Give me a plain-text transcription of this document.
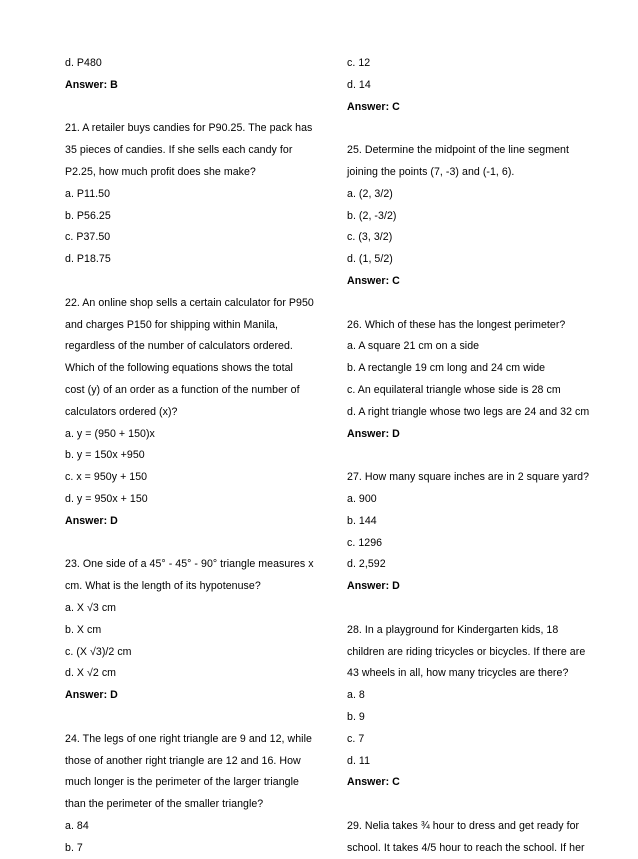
d. P480
Answer: B
21. A retailer buys candies for P90.25. The pack has
35 pieces of candies. If she sells each candy for
P2.25, how much profit does she make?
a. P11.50
b. P56.25
c. P37.50
d. P18.75
22. An online shop sells a certain calculator for P950
and charges P150 for shipping within Manila,
regardless of the number of calculators ordered.
Which of the following equations shows the total
cost (y) of an order as a function of the number of
calculators ordered (x)?
a. y = (950 + 150)x
b. y = 150x +950
c. x = 950y + 150
d. y = 950x + 150
Answer: D
23. One side of a 45° - 45° - 90° triangle measures x
cm. What is the length of its hypotenuse?
a. X √3 cm
b. X cm
c. (X √3)/2 cm
d. X √2 cm
Answer: D
24. The legs of one right triangle are 9 and 12, while
those of another right triangle are 12 and 16. How
much longer is the perimeter of the larger triangle
than the perimeter of the smaller triangle?
a. 84
b. 7
c. 12
d. 14
Answer: C
25. Determine the midpoint of the line segment
joining the points (7, -3) and (-1, 6).
a. (2, 3/2)
b. (2, -3/2)
c. (3, 3/2)
d. (1, 5/2)
Answer: C
26. Which of these has the longest perimeter?
a. A square 21 cm on a side
b. A rectangle 19 cm long and 24 cm wide
c. An equilateral triangle whose side is 28 cm
d. A right triangle whose two legs are 24 and 32 cm
Answer: D
27. How many square inches are in 2 square yard?
a. 900
b. 144
c. 1296
d. 2,592
Answer: D
28. In a playground for Kindergarten kids, 18
children are riding tricycles or bicycles. If there are
43 wheels in all, how many tricycles are there?
a. 8
b. 9
c. 7
d. 11
Answer: C
29. Nelia takes ¾ hour to dress and get ready for
school. It takes 4/5 hour to reach the school. If her
